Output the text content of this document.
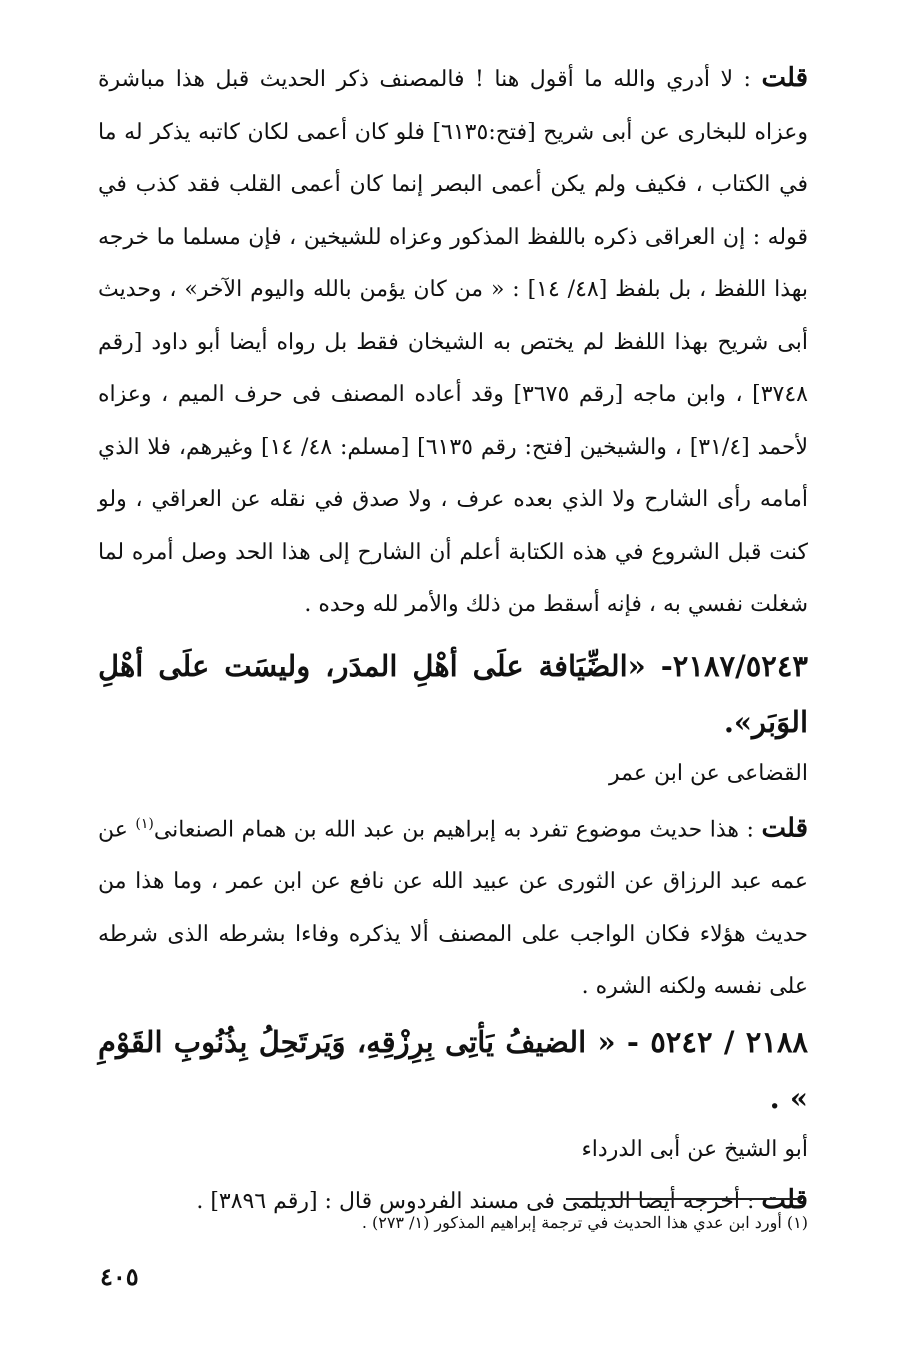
قلت : لا أدري والله ما أقول هنا ! فالمصنف ذكر الحديث قبل هذا مباشرة وعزاه للبخارى عن أبى شريح [فتح:٦١٣٥] فلو كان أعمى لكان كاتبه يذكر له ما في الكتاب ، فكيف ولم يكن أعمى البصر إنما كان أعمى القلب فقد كذب في قوله : إن العراقى ذكره باللفظ المذكور وعزاه للشيخين ، فإن مسلما ما خرجه بهذا اللفظ ، بل بلفظ [٤٨/ ١٤] : « من كان يؤمن بالله واليوم الآخر» ، وحديث أبى شريح بهذا اللفظ لم يختص به الشيخان فقط بل رواه أيضا أبو داود [رقم ٣٧٤٨] ، وابن ماجه [رقم ٣٦٧٥] وقد أعاده المصنف فى حرف الميم ، وعزاه لأحمد [٣١/٤] ، والشيخين [فتح: رقم ٦١٣٥] [مسلم: ٤٨/ ١٤] وغيرهم، فلا الذي أمامه رأى الشارح ولا الذي بعده عرف ، ولا صدق في نقله عن العراقي ، ولو كنت قبل الشروع في هذه الكتابة أعلم أن الشارح إلى هذا الحد وصل أمره لما شغلت نفسي به ، فإنه أسقط من ذلك والأمر لله وحده .

٢١٨٧/٥٢٤٣- «الضِّيَافة علَى أهْلِ المدَر، وليسَت علَى أهْلِ الوَبَر».

القضاعى عن ابن عمر

قلت : هذا حديث موضوع تفرد به إبراهيم بن عبد الله بن همام الصنعانى$^{(١)}$ عن عمه عبد الرزاق عن الثورى عن عبيد الله عن نافع عن ابن عمر ، وما هذا من حديث هؤلاء فكان الواجب على المصنف ألا يذكره وفاءا بشرطه الذى شرطه على نفسه ولكنه الشره .

٢١٨٨ / ٥٢٤٢ - « الضيفُ يَأتِى بِرِزْقِهِ، وَيَرتَحِلُ بِذُنُوبِ القَوْمِ » .

أبو الشيخ عن أبى الدرداء

قلت : أخرجه أيضا الديلمى فى مسند الفردوس قال : [رقم ٣٨٩٦] .

(١) أورد ابن عدي هذا الحديث في ترجمة إبراهيم المذكور (١/ ٢٧٣) .
٤٠٥
